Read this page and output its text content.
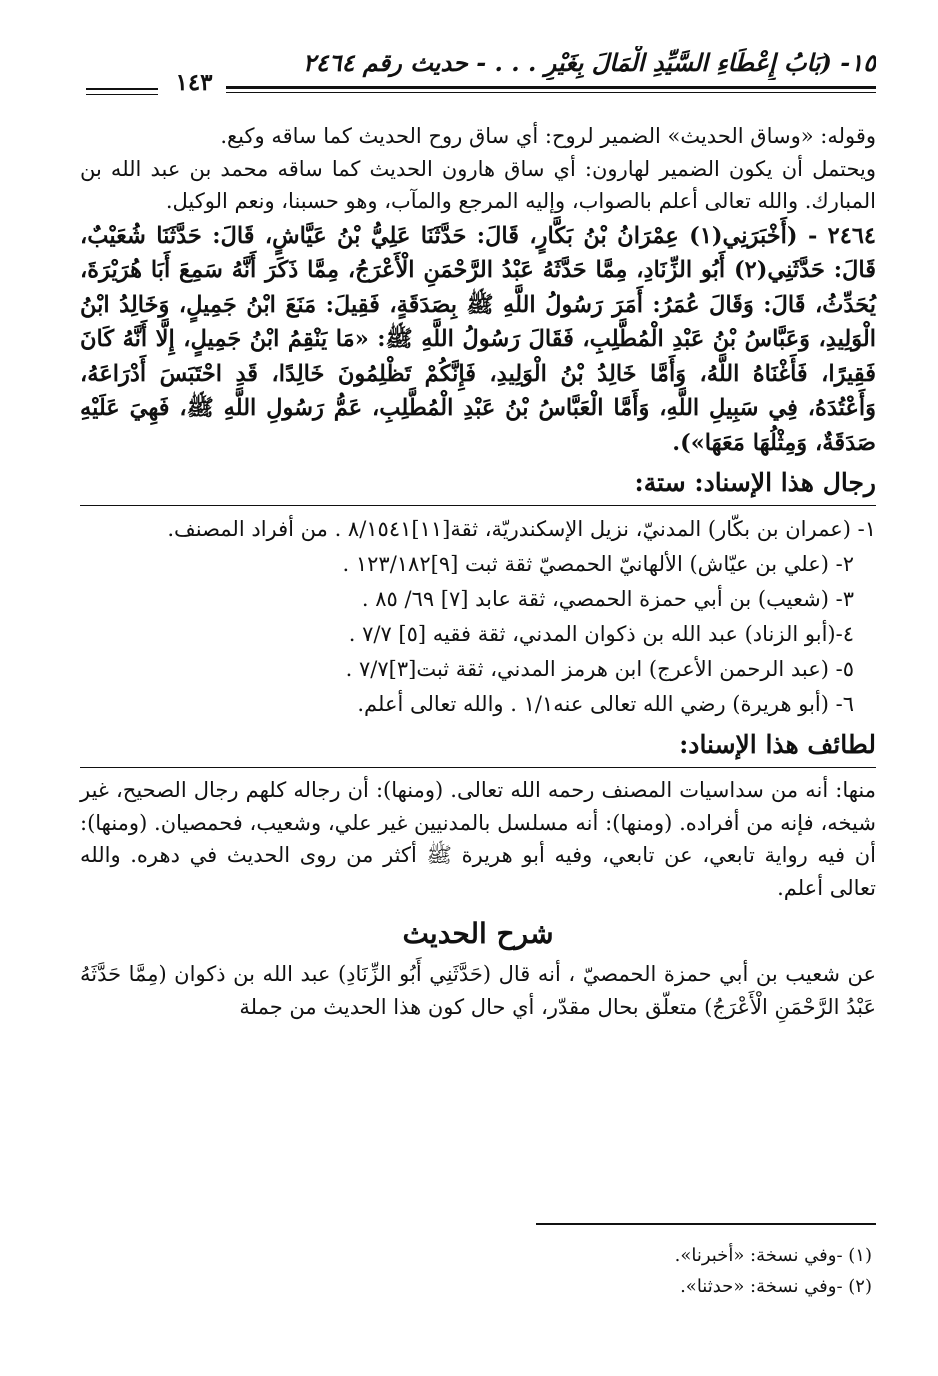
١٥- (بَابُ إِعْطَاءِ السَّيِّدِ الْمَالَ بِغَيْرِ . . . - حديث رقم ٢٤٦٤
١٤٣

وقوله: «وساق الحديث» الضمير لروح: أي ساق روح الحديث كما ساقه وكيع.

ويحتمل أن يكون الضمير لهارون: أي ساق هارون الحديث كما ساقه محمد بن عبد الله بن المبارك. والله تعالى أعلم بالصواب، وإليه المرجع والمآب، وهو حسبنا، ونعم الوكيل.

٢٤٦٤ - (أَخْبَرَنِي(١) عِمْرَانُ بْنُ بَكَّارٍ، قَالَ: حَدَّثَنَا عَلِيُّ بْنُ عَيَّاشٍ، قَالَ: حَدَّثَنَا شُعَيْبٌ، قَالَ: حَدَّثَنِي(٢) أَبُو الزِّنَادِ، مِمَّا حَدَّثَهُ عَبْدُ الرَّحْمَنِ الْأَعْرَجُ، مِمَّا ذَكَرَ أَنَّهُ سَمِعَ أَبَا هُرَيْرَةَ، يُحَدِّثُ، قَالَ: وَقَالَ عُمَرُ: أَمَرَ رَسُولُ اللَّهِ ﷺ بِصَدَقَةٍ، فَقِيلَ: مَنَعَ ابْنُ جَمِيلٍ، وَخَالِدُ ابْنُ الْوَلِيدِ، وَعَبَّاسُ بْنُ عَبْدِ الْمُطَّلِبِ، فَقَالَ رَسُولُ اللَّهِ ﷺ: «مَا يَنْقِمُ ابْنُ جَمِيلٍ، إِلَّا أَنَّهُ كَانَ فَقِيرًا، فَأَغْنَاهُ اللَّهُ، وَأَمَّا خَالِدُ بْنُ الْوَلِيدِ، فَإِنَّكُمْ تَظْلِمُونَ خَالِدًا، قَدِ احْتَبَسَ أَدْرَاعَهُ، وَأَعْتُدَهُ، فِي سَبِيلِ اللَّهِ، وَأَمَّا الْعَبَّاسُ بْنُ عَبْدِ الْمُطَّلِبِ، عَمُّ رَسُولِ اللَّهِ ﷺ، فَهِيَ عَلَيْهِ صَدَقَةٌ، وَمِثْلُهَا مَعَهَا»).

رجال هذا الإسناد: ستة:

١- (عمران بن بكّار) المدنيّ، نزيل الإسكندريّة، ثقة[١١]٨/١٥٤١ . من أفراد المصنف.

٢- (علي بن عيّاش) الألهانيّ الحمصيّ ثقة ثبت [٩]١٢٣/١٨٢ .

٣- (شعيب) بن أبي حمزة الحمصي، ثقة عابد [٧] ٦٩/ ٨٥ .

٤-(أبو الزناد) عبد الله بن ذكوان المدني، ثقة فقيه [٥] ٧/٧ .

٥- (عبد الرحمن الأعرج) ابن هرمز المدني، ثقة ثبت[٣]٧/٧ .

٦- (أبو هريرة) رضي الله تعالى عنه١/١ . والله تعالى أعلم.

لطائف هذا الإسناد:

منها: أنه من سداسيات المصنف رحمه الله تعالى. (ومنها): أن رجاله كلهم رجال الصحيح، غير شيخه، فإنه من أفراده. (ومنها): أنه مسلسل بالمدنيين غير علي، وشعيب، فحمصيان. (ومنها): أن فيه رواية تابعي، عن تابعي، وفيه أبو هريرة ﷺ أكثر من روى الحديث في دهره. والله تعالى أعلم.

شرح الحديث

عن شعيب بن أبي حمزة الحمصيّ ، أنه قال (حَدَّثَنِي أَبُو الزِّنَادِ) عبد الله بن ذكوان (مِمَّا حَدَّثَهُ عَبْدُ الرَّحْمَنِ الْأَعْرَجُ) متعلّق بحال مقدّر، أي حال كون هذا الحديث من جملة

(١) -وفي نسخة: «أخبرنا».
(٢) -وفي نسخة: «حدثنا».
